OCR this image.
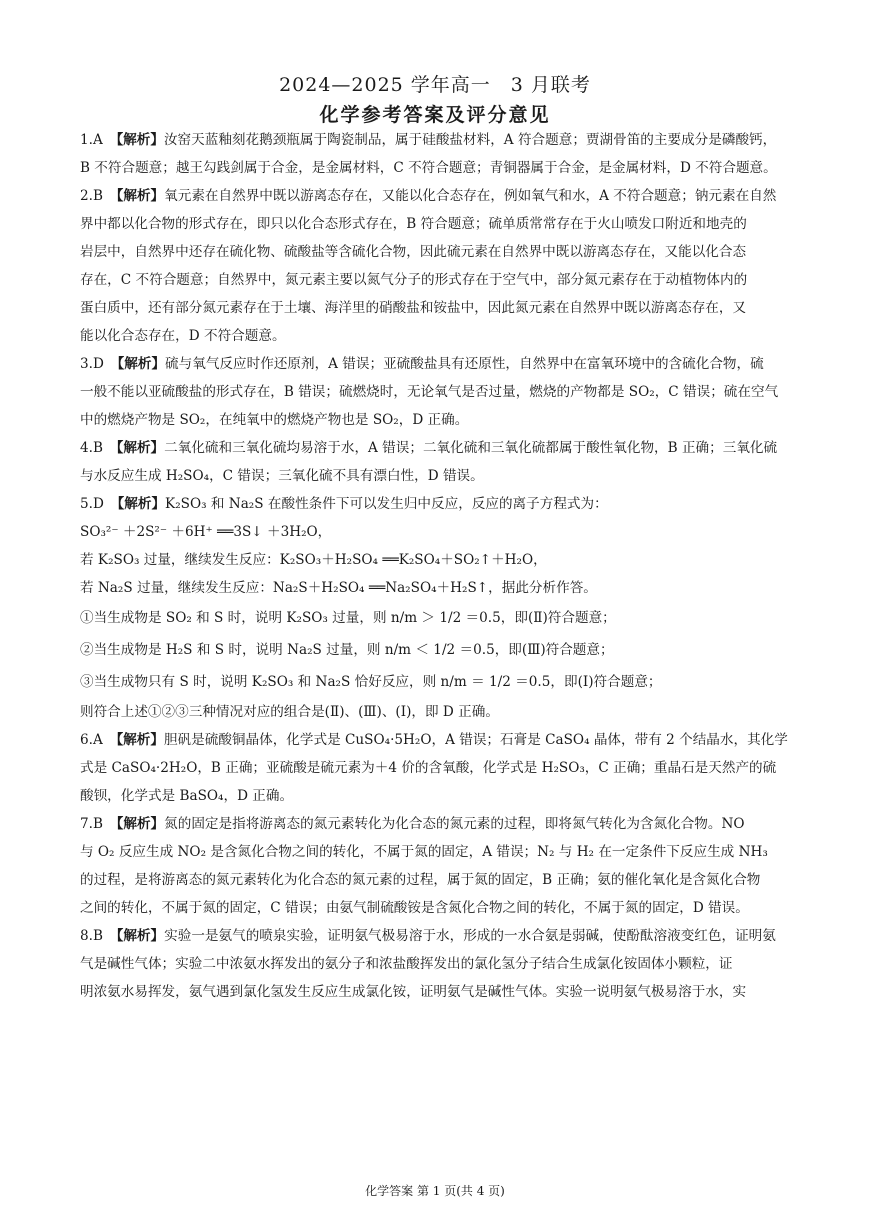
2024—2025 学年高一　3 月联考
化学参考答案及评分意见
1.A　【解析】汝窑天蓝釉刻花鹅颈瓶属于陶瓷制品，属于硅酸盐材料，A 符合题意；贾湖骨笛的主要成分是磷酸钙，
B 不符合题意；越王勾践剑属于合金，是金属材料，C 不符合题意；青铜器属于合金，是金属材料，D 不符合题意。
2.B　【解析】氧元素在自然界中既以游离态存在，又能以化合态存在，例如氧气和水，A 不符合题意；钠元素在自然
界中都以化合物的形式存在，即只以化合态形式存在，B 符合题意；硫单质常常存在于火山喷发口附近和地壳的
岩层中，自然界中还存在硫化物、硫酸盐等含硫化合物，因此硫元素在自然界中既以游离态存在，又能以化合态
存在，C 不符合题意；自然界中，氮元素主要以氮气分子的形式存在于空气中，部分氮元素存在于动植物体内的
蛋白质中，还有部分氮元素存在于土壤、海洋里的硝酸盐和铵盐中，因此氮元素在自然界中既以游离态存在，又
能以化合态存在，D 不符合题意。
3.D　【解析】硫与氧气反应时作还原剂，A 错误；亚硫酸盐具有还原性，自然界中在富氧环境中的含硫化合物，硫
一般不能以亚硫酸盐的形式存在，B 错误；硫燃烧时，无论氧气是否过量，燃烧的产物都是 SO₂，C 错误；硫在空气
中的燃烧产物是 SO₂，在纯氧中的燃烧产物也是 SO₂，D 正确。
4.B　【解析】二氧化硫和三氧化硫均易溶于水，A 错误；二氧化硫和三氧化硫都属于酸性氧化物，B 正确；三氧化硫
与水反应生成 H₂SO₄，C 错误；三氧化硫不具有漂白性，D 错误。
5.D　【解析】K₂SO₃ 和 Na₂S 在酸性条件下可以发生归中反应，反应的离子方程式为：
SO₃²⁻ ＋2S²⁻ ＋6H⁺ ══3S↓ ＋3H₂O，
若 K₂SO₃ 过量，继续发生反应：K₂SO₃＋H₂SO₄ ══K₂SO₄＋SO₂↑＋H₂O，
若 Na₂S 过量，继续发生反应：Na₂S＋H₂SO₄ ══Na₂SO₄＋H₂S↑，据此分析作答。
①当生成物是 SO₂ 和 S 时，说明 K₂SO₃ 过量，则 n/m ＞ 1/2 ＝0.5，即(Ⅱ)符合题意；
②当生成物是 H₂S 和 S 时，说明 Na₂S 过量，则 n/m ＜ 1/2 ＝0.5，即(Ⅲ)符合题意；
③当生成物只有 S 时，说明 K₂SO₃ 和 Na₂S 恰好反应，则 n/m ＝ 1/2 ＝0.5，即(Ⅰ)符合题意；
则符合上述①②③三种情况对应的组合是(Ⅱ)、(Ⅲ)、(Ⅰ)，即 D 正确。
6.A　【解析】胆矾是硫酸铜晶体，化学式是 CuSO₄·5H₂O，A 错误；石膏是 CaSO₄ 晶体，带有 2 个结晶水，其化学
式是 CaSO₄·2H₂O，B 正确；亚硫酸是硫元素为＋4 价的含氧酸，化学式是 H₂SO₃，C 正确；重晶石是天然产的硫
酸钡，化学式是 BaSO₄，D 正确。
7.B　【解析】氮的固定是指将游离态的氮元素转化为化合态的氮元素的过程，即将氮气转化为含氮化合物。NO
与 O₂ 反应生成 NO₂ 是含氮化合物之间的转化，不属于氮的固定，A 错误；N₂ 与 H₂ 在一定条件下反应生成 NH₃
的过程，是将游离态的氮元素转化为化合态的氮元素的过程，属于氮的固定，B 正确；氨的催化氧化是含氮化合物
之间的转化，不属于氮的固定，C 错误；由氨气制硫酸铵是含氮化合物之间的转化，不属于氮的固定，D 错误。
8.B　【解析】实验一是氨气的喷泉实验，证明氨气极易溶于水，形成的一水合氨是弱碱，使酚酞溶液变红色，证明氨
气是碱性气体；实验二中浓氨水挥发出的氨分子和浓盐酸挥发出的氯化氢分子结合生成氯化铵固体小颗粒，证
明浓氨水易挥发，氨气遇到氯化氢发生反应生成氯化铵，证明氨气是碱性气体。实验一说明氨气极易溶于水，实
化学答案 第 1 页(共 4 页)
